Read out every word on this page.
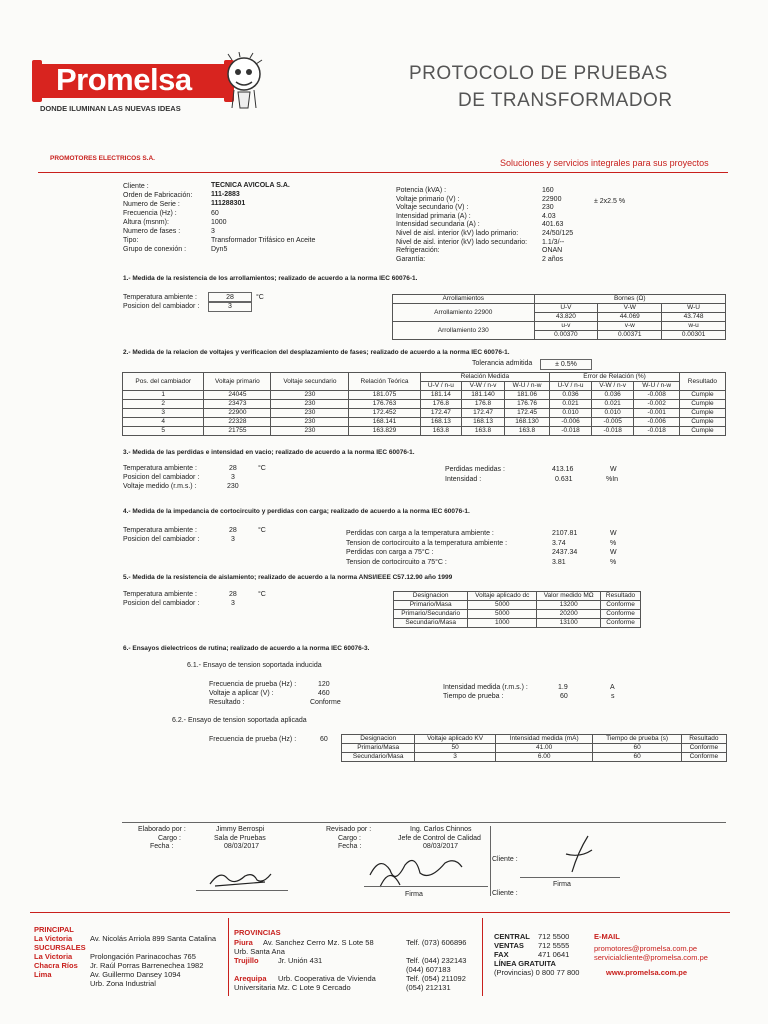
Promelsa
DONDE ILUMINAN LAS NUEVAS IDEAS
PROTOCOLO DE PRUEBAS
DE TRANSFORMADOR
PROMOTORES ELECTRICOS S.A.	Soluciones y servicios integrales para sus proyectos
Cliente :	TECNICA AVICOLA S.A.
Orden de Fabricación:	111-2883
Numero de Serie :	111288301
Frecuencia (Hz) :	60
Altura (msnm):	1000
Numero de fases :	3
Tipo:	Transformador Trifásico en Aceite
Grupo de conexión :	Dyn5
Potencia (kVA) :	160
Voltaje primario (V) :	22900
Voltaje secundario (V) :	230
Intensidad primaria (A) :	4.03
Intensidad secundaria (A) :	401.63
Nivel de aisl. interior (kV) lado primario:	24/50/125
Nivel de aisl. interior (kV) lado secundario: 1.1/3/--
Refrigeración:	ONAN
Garantía:	2 años
± 2x2.5 %
1.- Medida de la resistencia de los arrollamientos; realizado de acuerdo a la norma IEC 60076-1.
Temperatura ambiente :	28	°C
Posicion del cambiador :	3
Arrollamientos	Bornes (Ω)		
Arrollamiento 22900	U-V	V-W	W-U
	43.820	44.069	43.748
Arrollamiento 230	u-v	v-w	w-u
	0.00370	0.00371	0.00301
2.- Medida de la relacion de voltajes y verificacion del desplazamiento de fases; realizado de acuerdo a la norma IEC 60076-1.
Tolerancia admitida	± 0.5%
Pos. del cambiador	Voltaje primario	Voltaje secundario	Relación Teórica	Relación Medida			Error de Relación (%)			Resultado
				U-V / n-u	V-W / n-v	W-U / n-w	U-V / n-u	V-W / n-v	W-U / n-w	
1	24045	230	181.075	181.14	181.140	181.06	0.036	0.036	-0.008	Cumple
2	23473	230	176.763	176.8	176.8	176.76	0.021	0.021	-0.002	Cumple
3	22900	230	172.452	172.47	172.47	172.45	0.010	0.010	-0.001	Cumple
4	22328	230	168.141	168.13	168.13	168.130	-0.006	-0.005	-0.006	Cumple
5	21755	230	163.829	163.8	163.8	163.8	-0.018	-0.018	-0.018	Cumple
3.- Medida de las perdidas e intensidad en vacio; realizado de acuerdo a la norma IEC 60076-1.
Temperatura ambiente :	28	°C
Posicion del cambiador :	3
Voltaje medido (r.m.s.) :	230
Perdidas medidas :	413.16	W
Intensidad :	0.631	%In
4.- Medida de la impedancia de cortocircuito y perdidas con carga; realizado de acuerdo a la norma IEC 60076-1.
Temperatura ambiente :	28	°C
Posicion del cambiador :	3
Perdidas con carga a la temperatura ambiente :	2107.81	W
Tension de cortocircuito a la temperatura ambiente :	3.74	%
Perdidas con carga a 75°C :	2437.34	W
Tension de cortocircuito a 75°C :	3.81	%
5.- Medida de la resistencia de aislamiento; realizado de acuerdo a la norma ANSI/IEEE C57.12.90 año 1999
Temperatura ambiente :	28	°C
Posicion del cambiador :	3
Designacion	Voltaje aplicado dc	Valor medido MΩ	Resultado
Primario/Masa	5000	13200	Conforme
Primario/Secundario	5000	20200	Conforme
Secundario/Masa	1000	13100	Conforme
6.- Ensayos dielectricos de rutina; realizado de acuerdo a la norma IEC 60076-3.
6.1.- Ensayo de tension soportada inducida
Frecuencia de prueba (Hz) :	120
Voltaje a aplicar (V) :	460
Resultado :	Conforme
Intensidad medida (r.m.s.) :	1.9	A
Tiempo de prueba :	60	s
6.2.- Ensayo de tension soportada aplicada
Frecuencia de prueba (Hz) :	60	Designacion	Voltaje aplicado KV	Intensidad medida (mA)	Tiempo de prueba (s)	Resultado
Primario/Masa	50	41.00	60	Conforme
Secundario/Masa	3	6.00	60	Conforme
Elaborado por :
Cargo :
Fecha :
Jimmy Berrospi
Sala de Pruebas
08/03/2017
Revisado por :
Cargo :
Fecha :
Ing. Carlos Chinnos
Jefe de Control de Calidad
08/03/2017
Firma
Cliente :
Firma
Cliente :
PRINCIPAL
La Victoria Av. Nicolás Arriola 899 Santa Catalina
SUCURSALES
La Victoria Prolongación Parinacochas 765
Chacra Ríos Jr. Raúl Porras Barrenechea 1982
Lima	Av. Guillermo Dansey 1094
Urb. Zona Industrial
PROVINCIAS
Piura Av. Sanchez Cerro Mz. S Lote 58	Telf. (073) 606896
Urb. Santa Ana
Trujillo	Jr. Unión 431	Telf. (044) 232143
(044) 607183
Arequipa Urb. Cooperativa de Vivienda	Telf. (054) 211092
Universitaria Mz. C Lote 9 Cercado	(054) 212131
CENTRAL 712 5500
VENTAS 712 5555
FAX	471 0641
LÍNEA GRATUITA
(Provincias) 0 800 77 800
E-MAIL
promotores@promelsa.com.pe
servicialcliente@promelsa.com.pe
www.promelsa.com.pe
